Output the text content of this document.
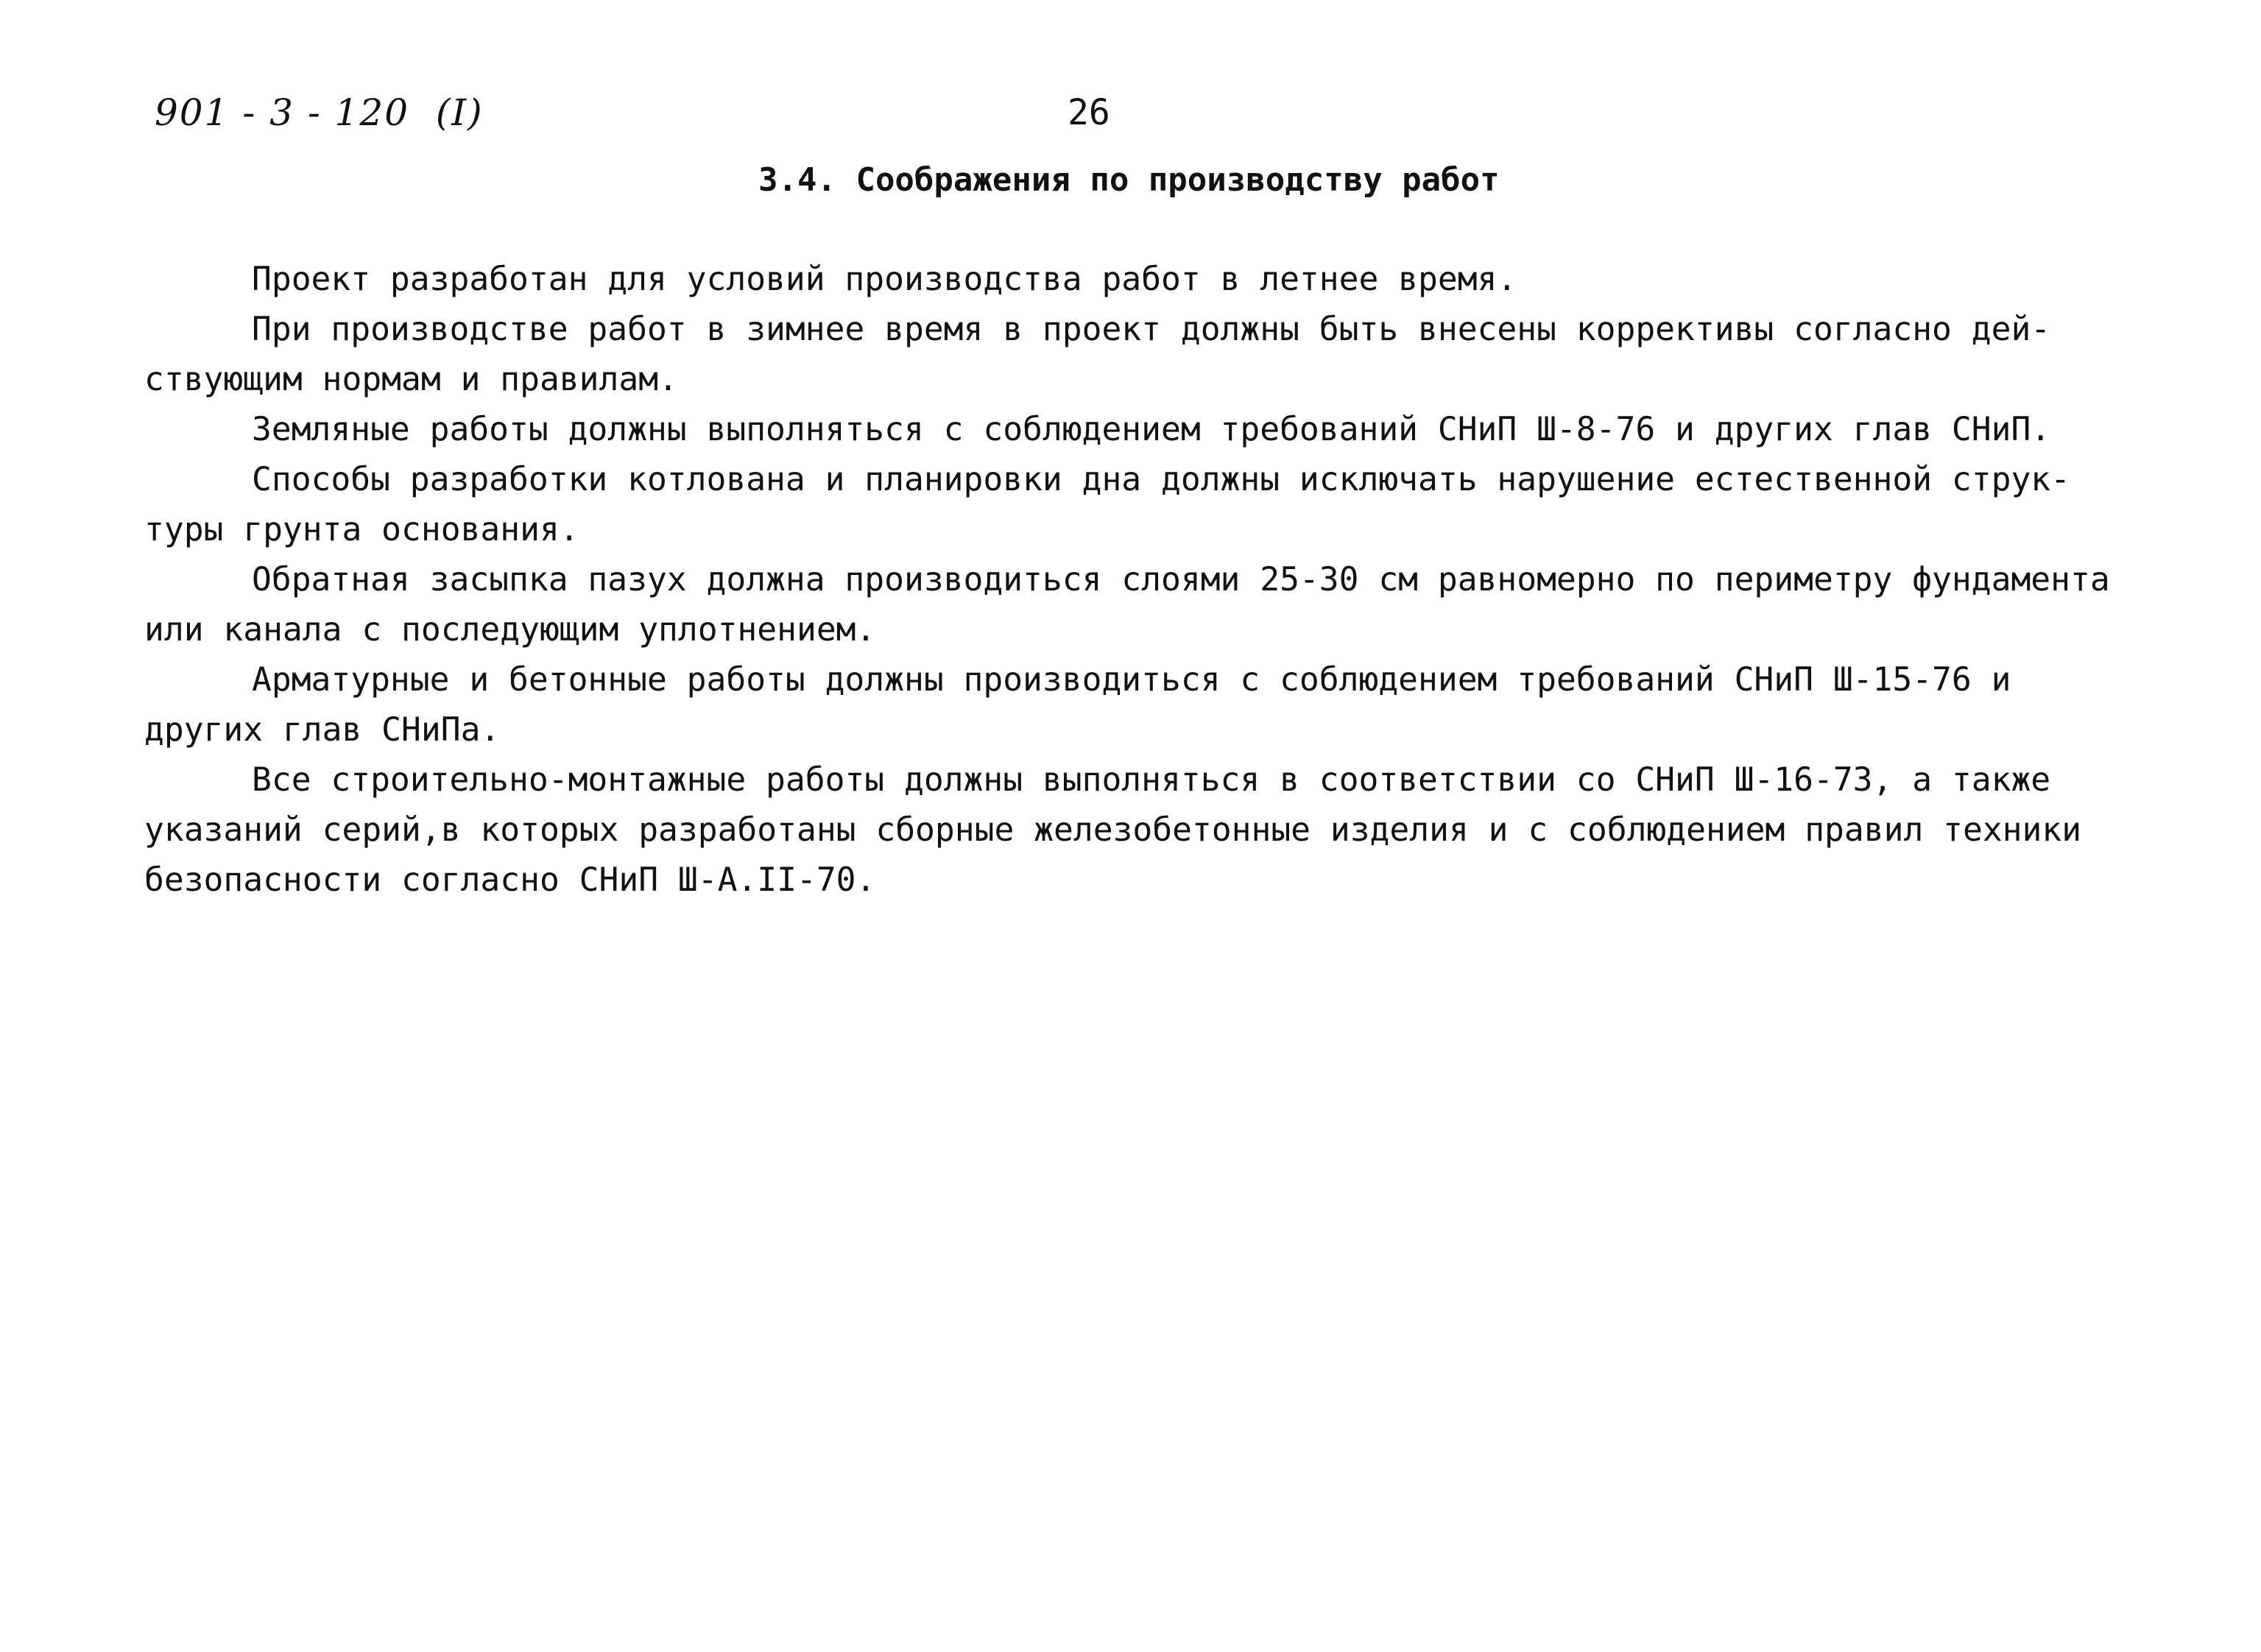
901 - 3 - 120  (I)	26
3.4. Соображения по производству работ
Проект разработан для условий производства работ в летнее время.
При производстве работ в зимнее время в проект должны быть внесены коррективы согласно дей-
ствующим нормам и правилам.
Земляные работы должны выполняться с соблюдением требований СНиП Ш-8-76 и других глав СНиП.
Способы разработки котлована и планировки дна должны исключать нарушение естественной струк-
туры грунта основания.
Обратная засыпка пазух должна производиться слоями 25-30 см равномерно по периметру фундамента
или канала с последующим уплотнением.
Арматурные и бетонные работы должны производиться с соблюдением требований СНиП Ш-15-76 и
других глав СНиПа.
Все строительно-монтажные работы должны выполняться в соответствии со СНиП Ш-16-73, а также
указаний серий,в которых разработаны сборные железобетонные изделия и с соблюдением правил техники
безопасности согласно СНиП Ш-А.II-70.
